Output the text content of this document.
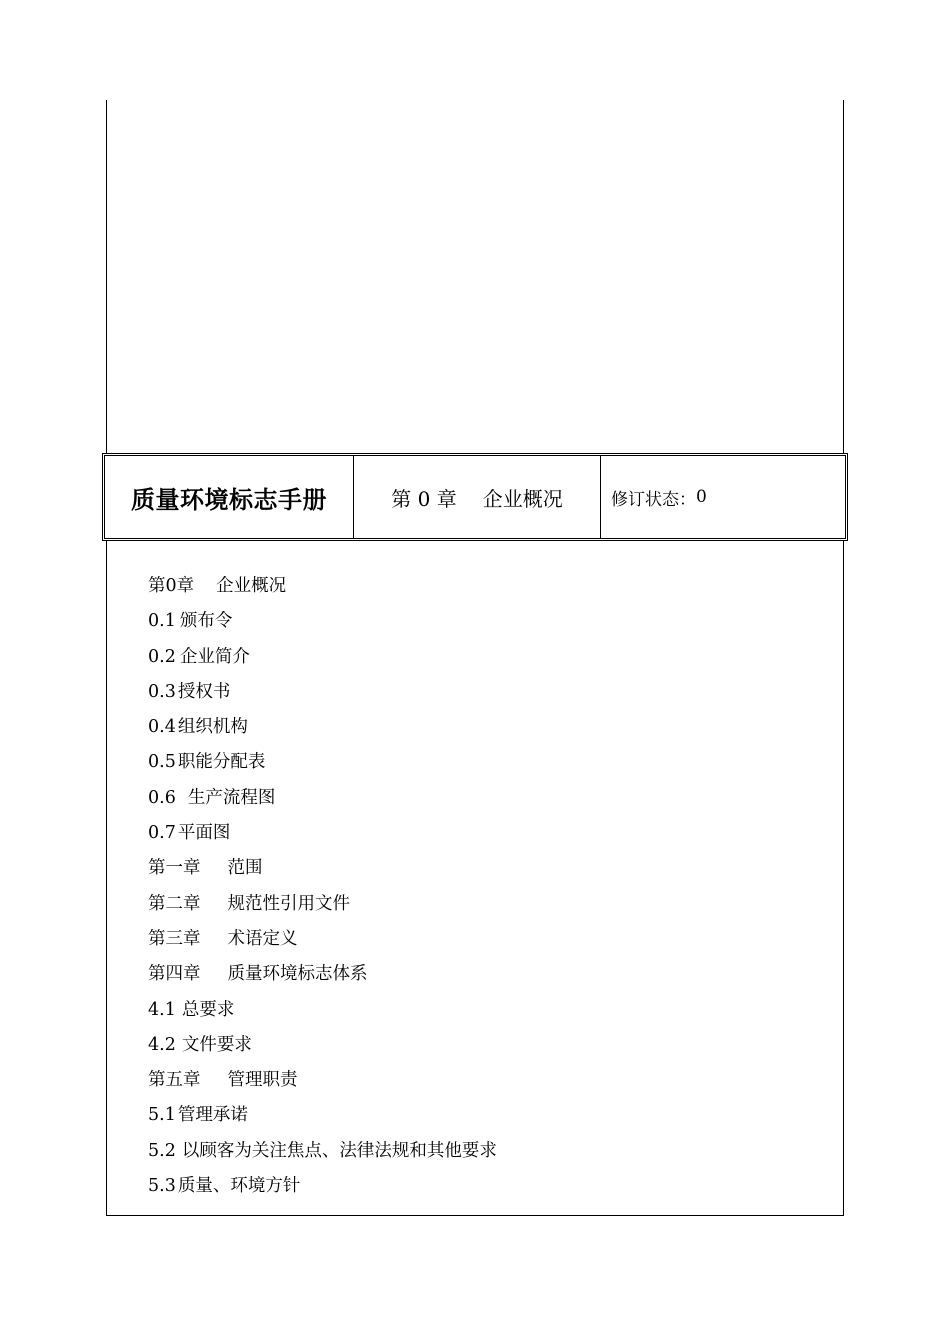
质量环境标志手册	第 0 章 企业概况	修订状态： 0
第0章 企业概况
0.1 颁布令
0.2 企业简介
0.3 授权书
0.4 组织机构
0.5 职能分配表
0.6 生产流程图
0.7 平面图
第一章 范围
第二章 规范性引用文件
第三章 术语定义
第四章 质量环境标志体系
4.1 总要求
4.2 文件要求
第五章 管理职责
5.1 管理承诺
5.2 以顾客为关注焦点、法律法规和其他要求
5.3 质量、环境方针
